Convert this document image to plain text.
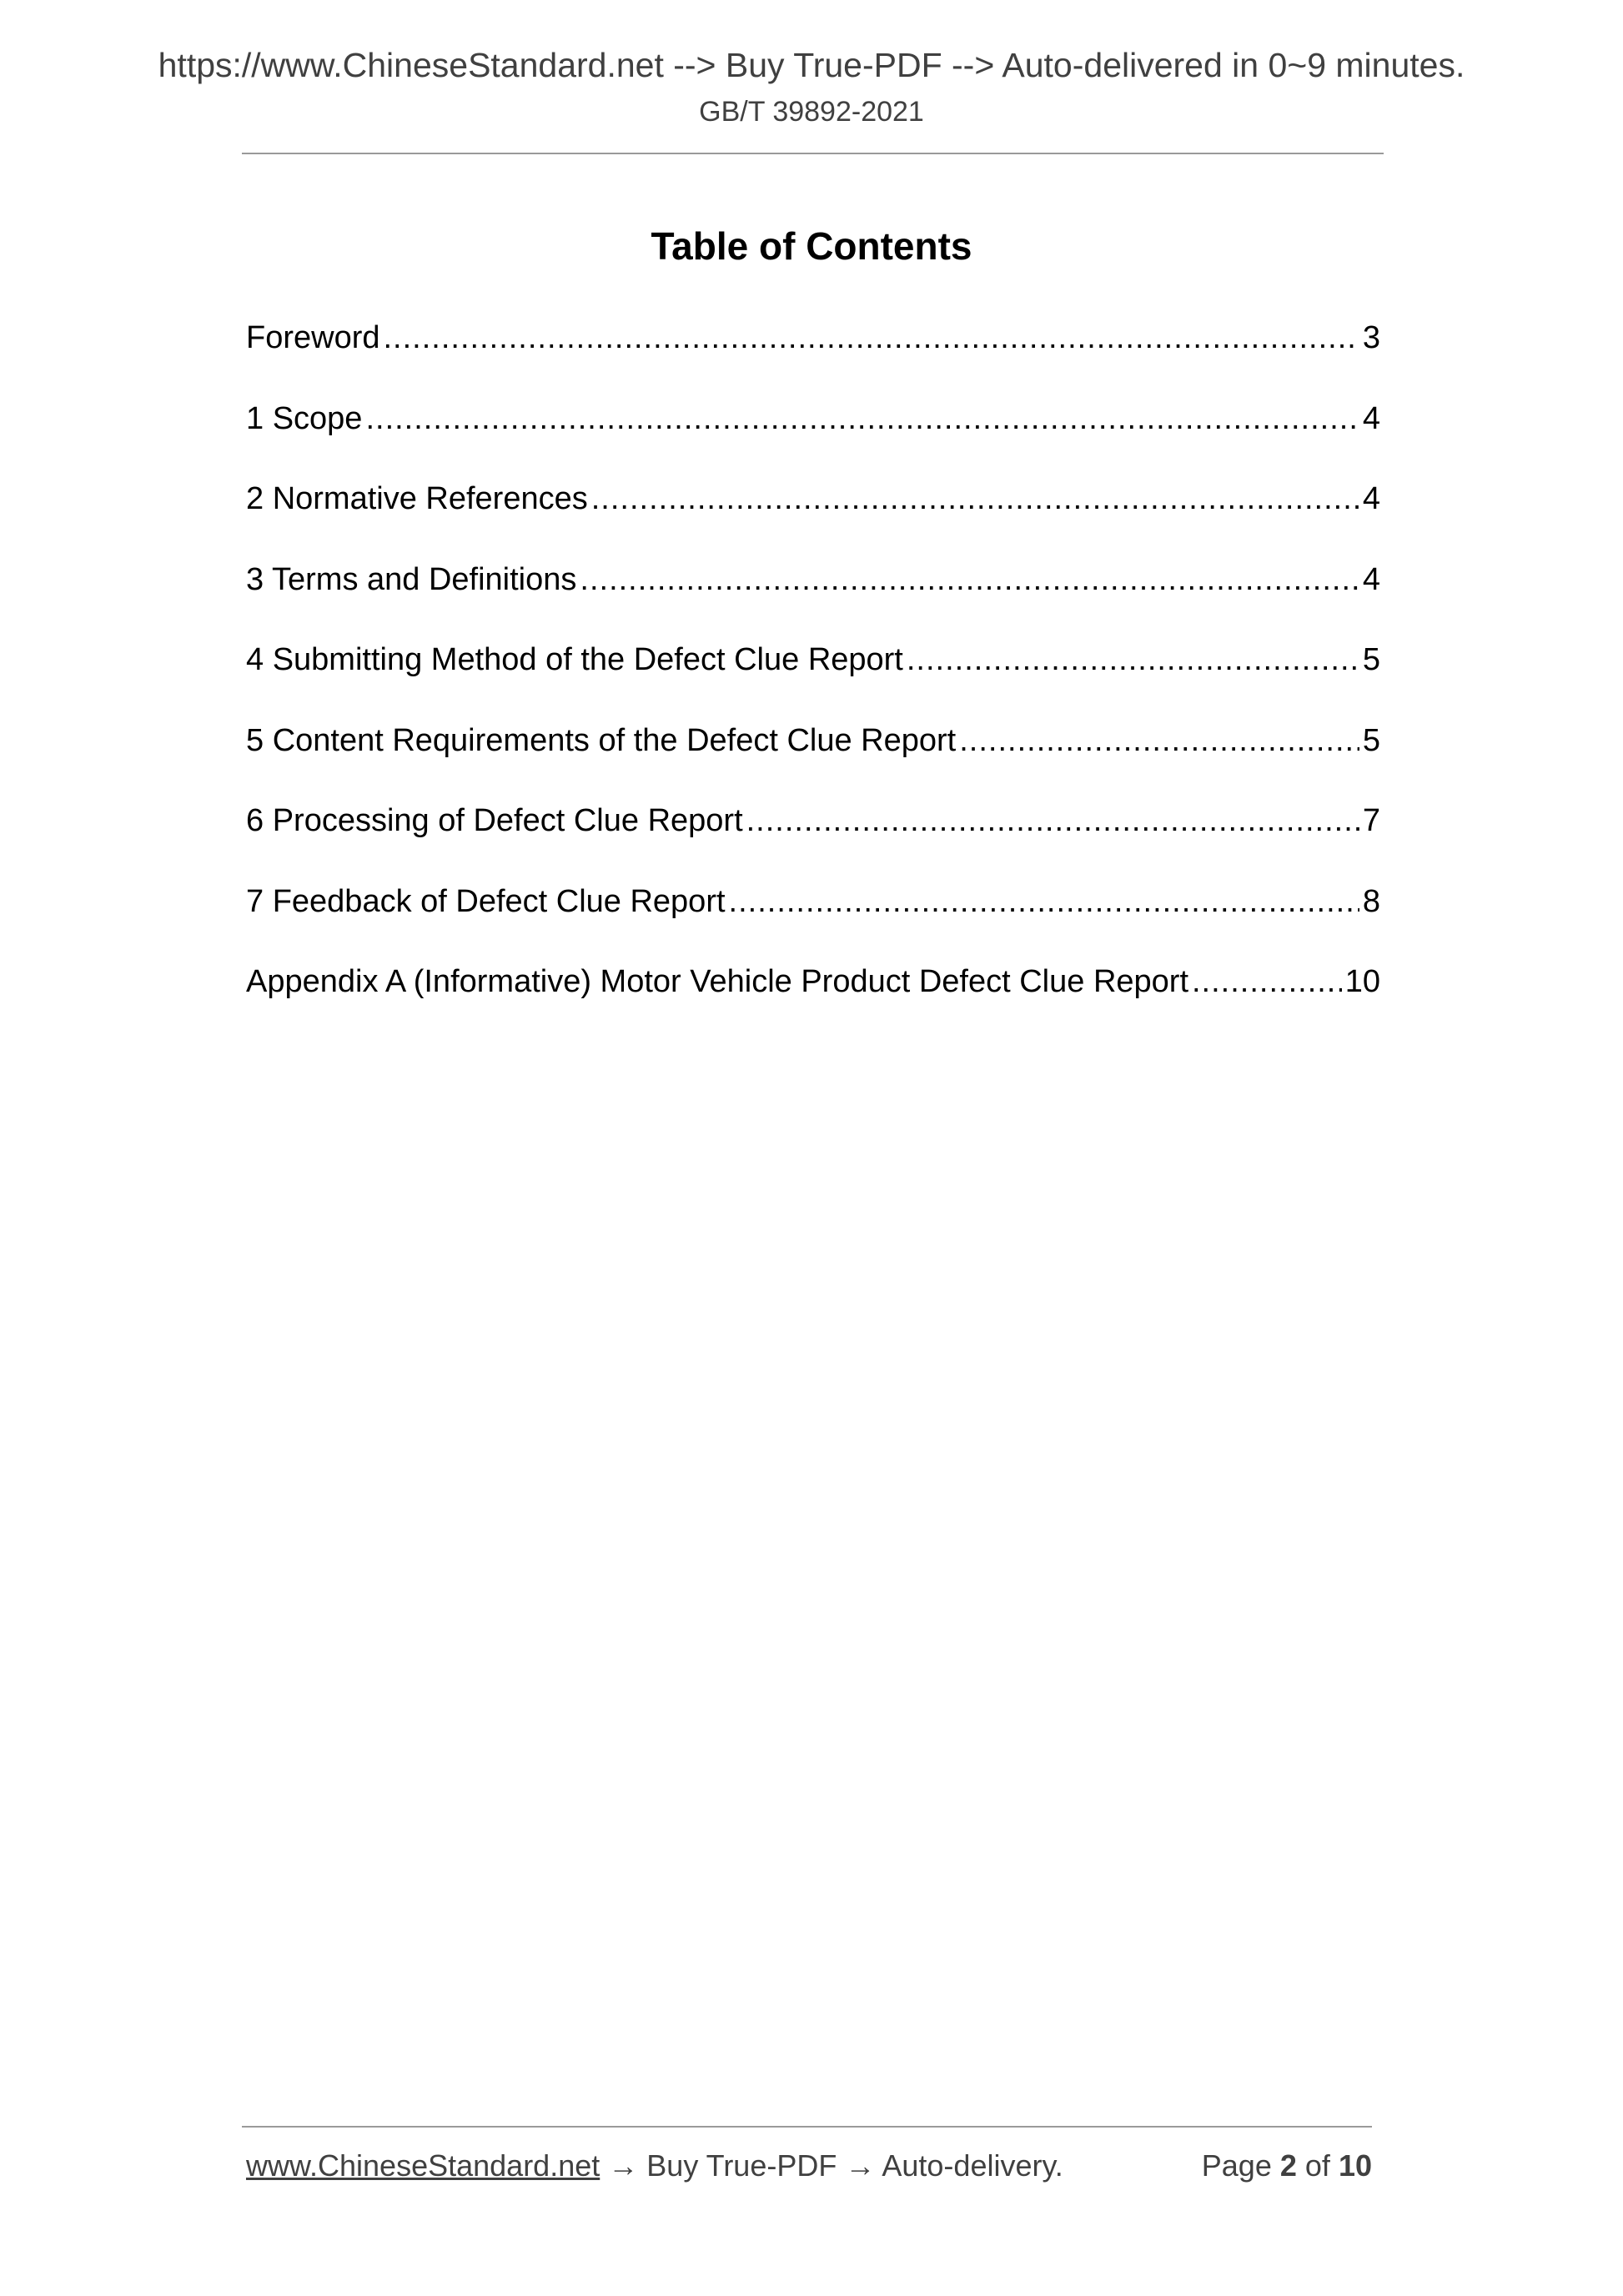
https://www.ChineseStandard.net --> Buy True-PDF --> Auto-delivered in 0~9 minutes.
GB/T 39892-2021
Table of Contents
Foreword .....	3
1 Scope .....	4
2 Normative References .....	4
3 Terms and Definitions .....	4
4 Submitting Method of the Defect Clue Report .....	5
5 Content Requirements of the Defect Clue Report .....	5
6 Processing of Defect Clue Report .....	7
7 Feedback of Defect Clue Report .....	8
Appendix A (Informative) Motor Vehicle Product Defect Clue Report .....	10
www.ChineseStandard.net → Buy True-PDF → Auto-delivery.	Page 2 of 10
